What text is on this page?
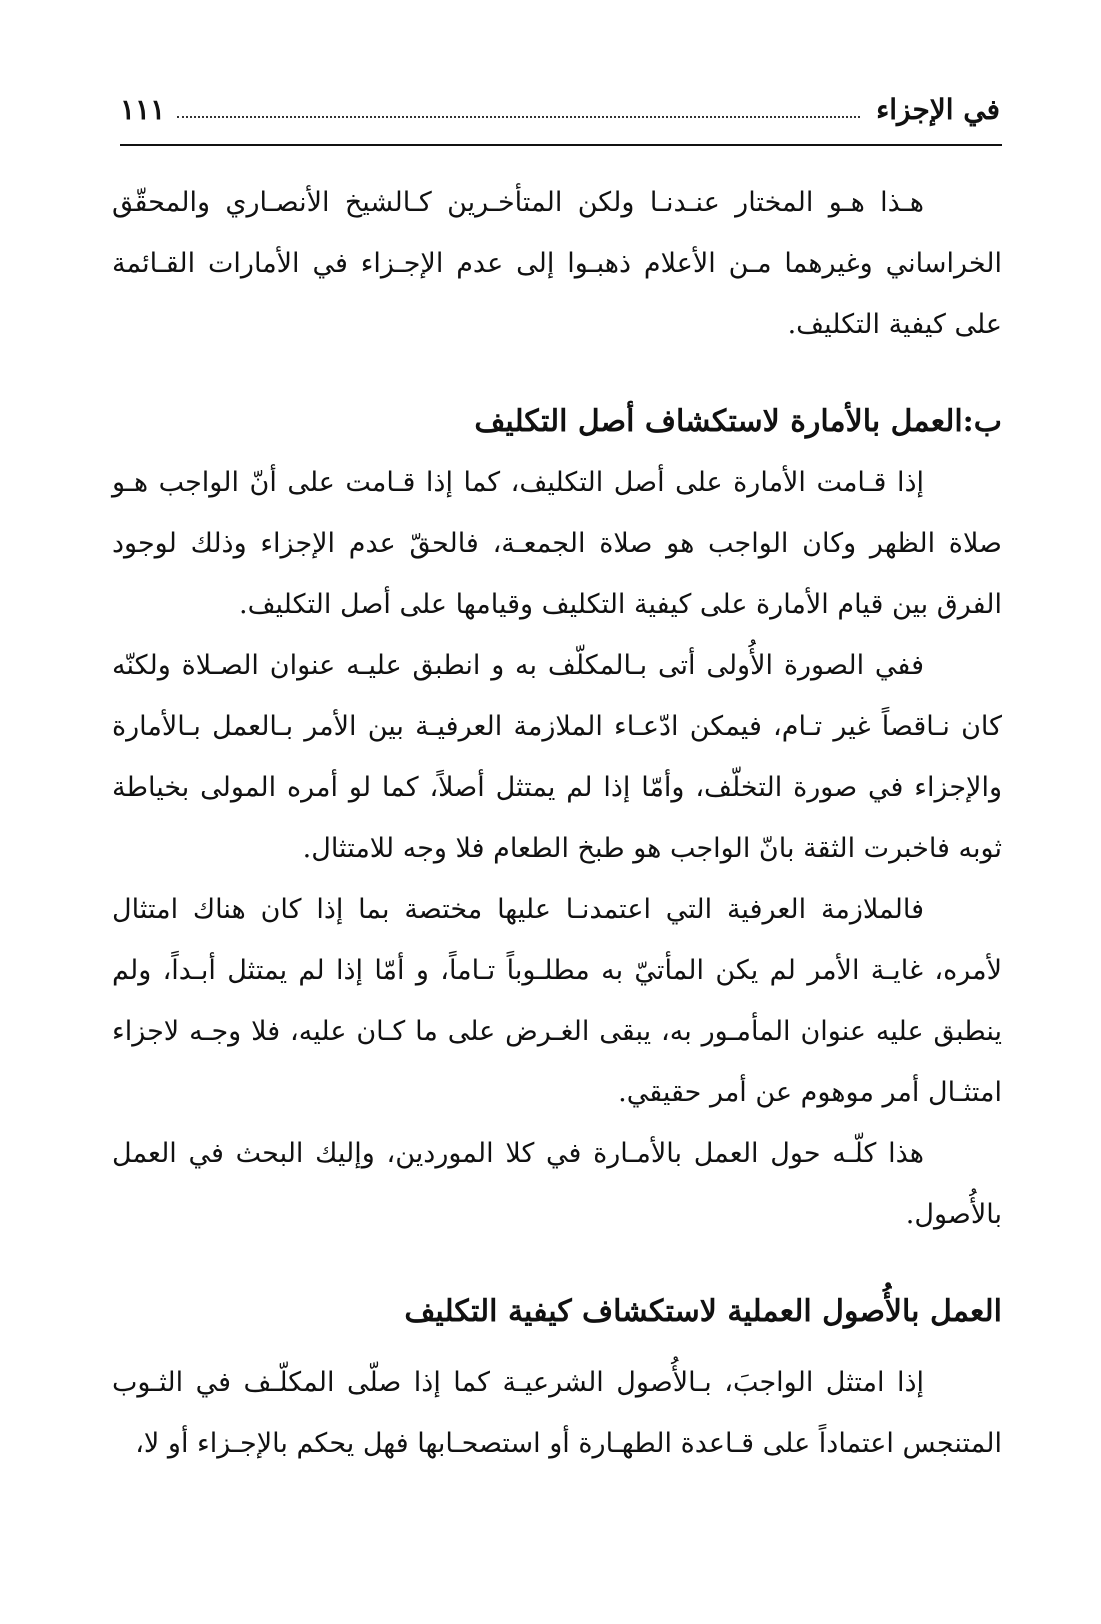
في الإجزاء
١١١

هـذا هـو المختار عنـدنـا ولكن المتأخـرين كـالشيخ الأنصـاري والمحقّق الخراساني وغيرهما مـن الأعلام ذهبـوا إلى عدم الإجـزاء في الأمارات القـائمة على كيفية التكليف.

ب:العمل بالأمارة لاستكشاف أصل التكليف

إذا قـامت الأمارة على أصل التكليف، كما إذا قـامت على أنّ الواجب هـو صلاة الظهر وكان الواجب هو صلاة الجمعـة، فالحقّ عدم الإجزاء وذلك لوجود الفرق بين قيام الأمارة على كيفية التكليف وقيامها على أصل التكليف.

ففي الصورة الأُولى أتى بـالمكلّف به و انطبق عليـه عنوان الصـلاة ولكنّه كان نـاقصاً غير تـام، فيمكن ادّعـاء الملازمة العرفيـة بين الأمر بـالعمل بـالأمارة والإجزاء في صورة التخلّف، وأمّا إذا لم يمتثل أصلاً، كما لو أمره المولى بخياطة ثوبه فاخبرت الثقة بانّ الواجب هو طبخ الطعام فلا وجه للامتثال.

فالملازمة العرفية التي اعتمدنـا عليها مختصة بما إذا كان هناك امتثال لأمره، غايـة الأمر لم يكن المأتيّ به مطلـوباً تـاماً، و أمّا إذا لم يمتثل أبـداً، ولم ينطبق عليه عنوان المأمـور به، يبقى الغـرض على ما كـان عليه، فلا وجـه لاجزاء امتثـال أمر موهوم عن أمر حقيقي.

هذا كلّـه حول العمل بالأمـارة في كلا الموردين، وإليك البحث في العمل بالأُصول.

العمل بالأُصول العملية لاستكشاف كيفية التكليف

إذا امتثل الواجبَ، بـالأُصول الشرعيـة كما إذا صلّى المكلّـف في الثـوب المتنجس اعتماداً على قـاعدة الطهـارة أو استصحـابها فهل يحكم بالإجـزاء أو لا،
